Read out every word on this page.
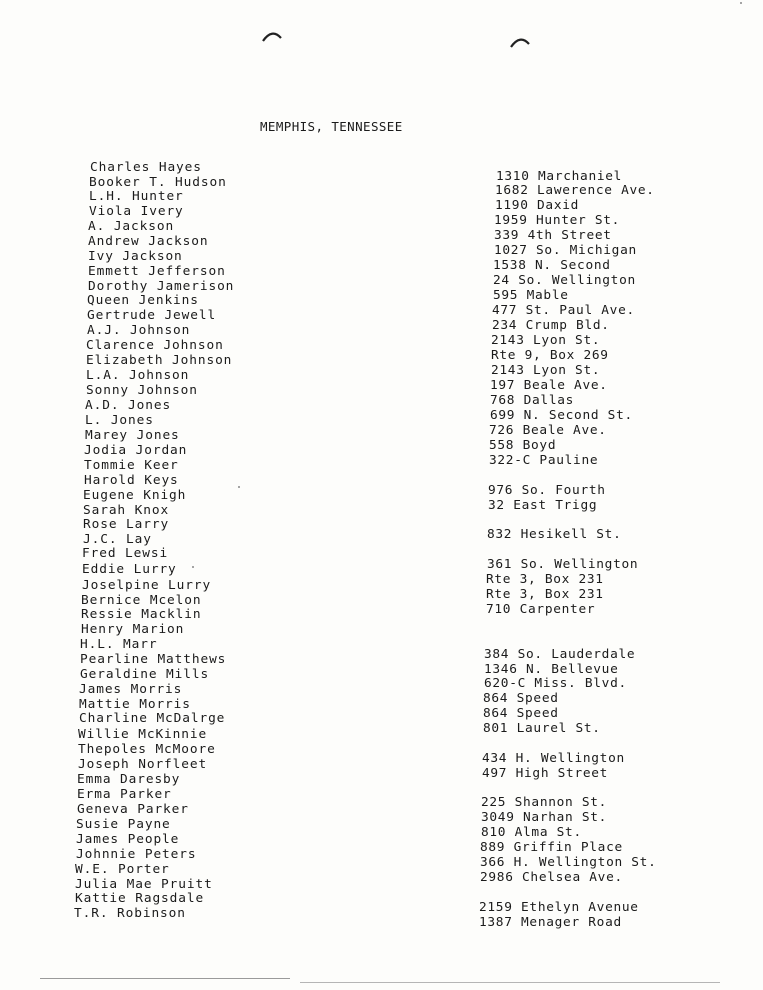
MEMPHIS, TENNESSEE
Charles Hayes
Booker T. Hudson
L.H. Hunter
Viola Ivery
A. Jackson
Andrew Jackson
Ivy Jackson
Emmett Jefferson
Dorothy Jamerison
Queen Jenkins
Gertrude Jewell
A.J. Johnson
Clarence Johnson
Elizabeth Johnson
L.A. Johnson
Sonny Johnson
A.D. Jones
L. Jones
Marey Jones
Jodia Jordan
Tommie Keer
Harold Keys
Eugene Knigh
Sarah Knox
Rose Larry
J.C. Lay
Fred Lewsi
Eddie Lurry
Joselpine Lurry
Bernice Mcelon
Ressie Macklin
Henry Marion
H.L. Marr
Pearline Matthews
Geraldine Mills
James Morris
Mattie Morris
Charline McDalrge
Willie McKinnie
Thepoles McMoore
Joseph Norfleet
Emma Daresby
Erma Parker
Geneva Parker
Susie Payne
James People
Johnnie Peters
W.E. Porter
Julia Mae Pruitt
Kattie Ragsdale
T.R. Robinson
1310 Marchaniel
1682 Lawerence Ave.
1190 Daxid
1959 Hunter St.
339 4th Street
1027 So. Michigan
1538 N. Second
24 So. Wellington
595 Mable
477 St. Paul Ave.
234 Crump Bld.
2143 Lyon St.
Rte 9, Box 269
2143 Lyon St.
197 Beale Ave.
768 Dallas
699 N. Second St.
726 Beale Ave.
558 Boyd
322-C Pauline
976 So. Fourth
32 East Trigg
832 Hesikell St.
361 So. Wellington
Rte 3, Box 231
Rte 3, Box 231
710 Carpenter
384 So. Lauderdale
1346 N. Bellevue
620-C Miss. Blvd.
864 Speed
864 Speed
801 Laurel St.
434 H. Wellington
497 High Street
225 Shannon St.
3049 Narhan St.
810 Alma St.
889 Griffin Place
366 H. Wellington St.
2986 Chelsea Ave.
2159 Ethelyn Avenue
1387 Menager Road
